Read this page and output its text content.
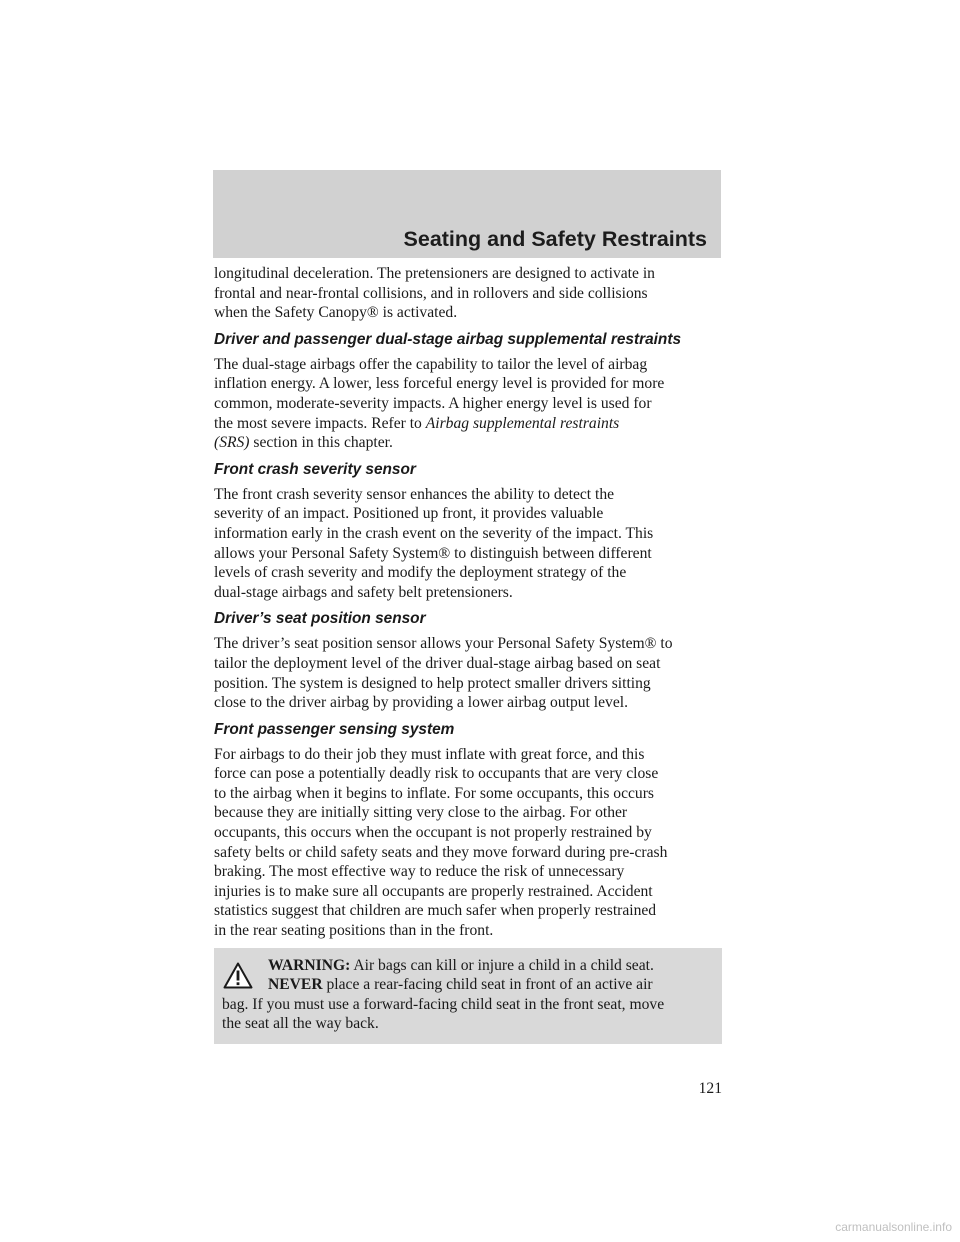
Seating and Safety Restraints
longitudinal deceleration. The pretensioners are designed to activate in
frontal and near-frontal collisions, and in rollovers and side collisions
when the Safety Canopy® is activated.
Driver and passenger dual-stage airbag supplemental restraints
The dual-stage airbags offer the capability to tailor the level of airbag
inflation energy. A lower, less forceful energy level is provided for more
common, moderate-severity impacts. A higher energy level is used for
the most severe impacts. Refer to Airbag supplemental restraints
(SRS) section in this chapter.
Front crash severity sensor
The front crash severity sensor enhances the ability to detect the
severity of an impact. Positioned up front, it provides valuable
information early in the crash event on the severity of the impact. This
allows your Personal Safety System® to distinguish between different
levels of crash severity and modify the deployment strategy of the
dual-stage airbags and safety belt pretensioners.
Driver’s seat position sensor
The driver’s seat position sensor allows your Personal Safety System® to
tailor the deployment level of the driver dual-stage airbag based on seat
position. The system is designed to help protect smaller drivers sitting
close to the driver airbag by providing a lower airbag output level.
Front passenger sensing system
For airbags to do their job they must inflate with great force, and this
force can pose a potentially deadly risk to occupants that are very close
to the airbag when it begins to inflate. For some occupants, this occurs
because they are initially sitting very close to the airbag. For other
occupants, this occurs when the occupant is not properly restrained by
safety belts or child safety seats and they move forward during pre-crash
braking. The most effective way to reduce the risk of unnecessary
injuries is to make sure all occupants are properly restrained. Accident
statistics suggest that children are much safer when properly restrained
in the rear seating positions than in the front.
WARNING: Air bags can kill or injure a child in a child seat.
NEVER place a rear-facing child seat in front of an active air
bag. If you must use a forward-facing child seat in the front seat, move
the seat all the way back.
121
carmanualsonline.info
